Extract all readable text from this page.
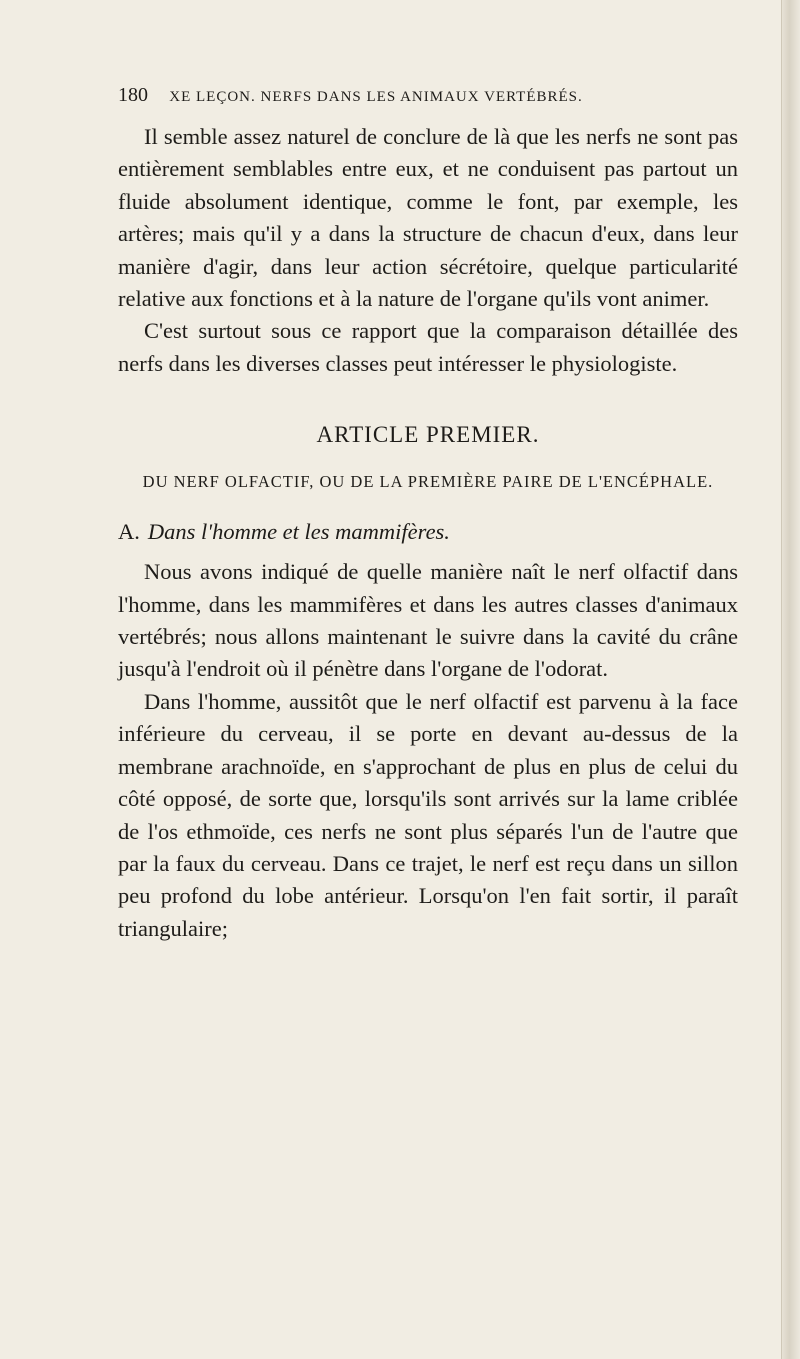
180 XE LEÇON. NERFS DANS LES ANIMAUX VERTÉBRÉS.

Il semble assez naturel de conclure de là que les nerfs ne sont pas entièrement semblables entre eux, et ne conduisent pas partout un fluide absolument identique, comme le font, par exemple, les artères; mais qu'il y a dans la structure de chacun d'eux, dans leur manière d'agir, dans leur action sécrétoire, quelque particularité relative aux fonctions et à la nature de l'organe qu'ils vont animer.

C'est surtout sous ce rapport que la comparaison détaillée des nerfs dans les diverses classes peut intéresser le physiologiste.

ARTICLE PREMIER.
DU NERF OLFACTIF, OU DE LA PREMIÈRE PAIRE DE L'ENCÉPHALE.
A. Dans l'homme et les mammifères.

Nous avons indiqué de quelle manière naît le nerf olfactif dans l'homme, dans les mammifères et dans les autres classes d'animaux vertébrés; nous allons maintenant le suivre dans la cavité du crâne jusqu'à l'endroit où il pénètre dans l'organe de l'odorat.

Dans l'homme, aussitôt que le nerf olfactif est parvenu à la face inférieure du cerveau, il se porte en devant au-dessus de la membrane arachnoïde, en s'approchant de plus en plus de celui du côté opposé, de sorte que, lorsqu'ils sont arrivés sur la lame criblée de l'os ethmoïde, ces nerfs ne sont plus séparés l'un de l'autre que par la faux du cerveau. Dans ce trajet, le nerf est reçu dans un sillon peu profond du lobe antérieur. Lorsqu'on l'en fait sortir, il paraît triangulaire;
